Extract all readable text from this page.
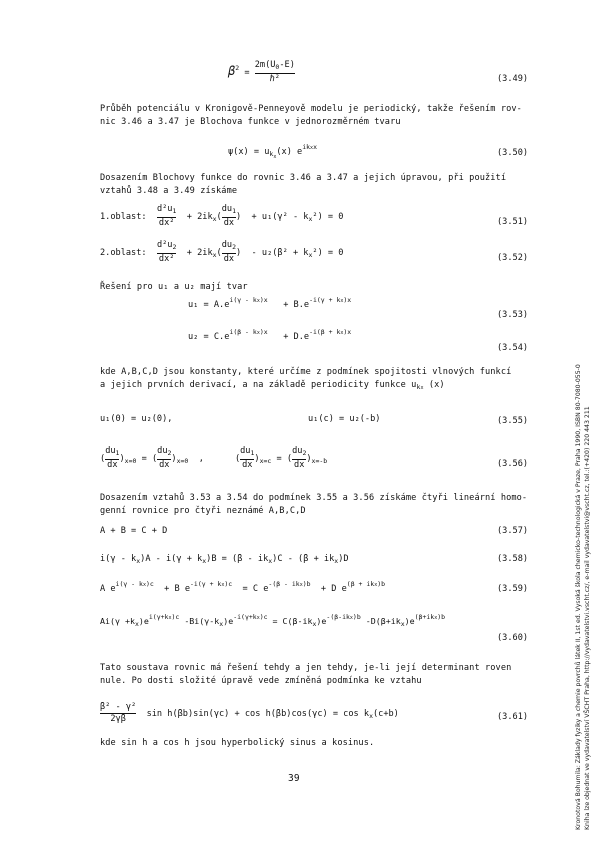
Kronotová Bohumila: Základy fyziky a chemie povrchů látek II, 1st ed. Vysoká škola chemicko-technologická v Praze, Praha 1990, ISBN 80-7080-055-0 Kniha lze objednat ve vydavatelství VŠCHT Praha, http://vydavatelstvi.vscht.cz/, e-mail vydavatelstvi@vscht.cz, tel.:(+420) 220 443 211
$\beta^2 = \frac{2m(U_0-E)}{\text{ℏ²}}$	(3.49)
Průběh potenciálu v Kronigově-Penneyově modelu je periodický, takže řešením rov-
nic 3.46 a 3.47 je Blochova funkce v jednorozměrném tvaru
$\psi(x) = u_{k_x}(x)$ $e^{ikxx}$
(3.50)
Dosazením Blochovy funkce do rovnic 3.46 a 3.47 a jejich úpravou, při použití
vztahů 3.48 a 3.49 získáme
1.oblast: $\frac{d^2u_1}{\text{dx²}} + 2ik_x( \frac{du_1}{dx}$ )  + $u_1(\gamma^2 - k_x^2) = 0$	(3.51)
2.oblast: $\frac{d^2u_2}{\text{dx²}} + 2ik_x( \frac{du_2}{dx}$ )  - $u_2(\beta^2 + k_x^2) = 0$	(3.52)
Řešení pro u₁ a u₂ mají tvar
$u_1 = A.e^{i(\gamma - kx)x} + B.e^{-i(\gamma + kx)x}$
(3.53)
$u_2 = C.e^{i(\beta - kx)x} + D.e^{-i(\beta + kx)x}$
(3.54)
kde A,B,C,D jsou konstanty, které určíme z podmínek spojitosti vlnových funkcí
a jejich prvních derivací, a na základě periodicity funkce $u_{kx}$ (x)
u₁(0) = u₂(0),	u₁(c) = u₂(-b)	(3.55)
( $\frac{du_1}{dx} )_{x=0}$ = ( $\frac{du_2}{dx} )_{x=0}$ ,      ( $\frac{du_1}{dx} )_{x=c}$ = ( $\frac{du_2}{dx} )_{x=-b}$	(3.56)
Dosazením vztahů 3.53 a 3.54 do podmínek 3.55 a 3.56 získáme čtyři lineární homo-
genní rovnice pro čtyři neznámé A,B,C,D
A + B = C + D	(3.57)
$i(\gamma - k_x)A - i(\gamma + k_x)B = (\beta - ik_x)C - (\beta + ik_x)D$	(3.58)
A $e^{i(\gamma - kx)c} + B$ $e^{-i(\gamma + kx)c} = C$ $e^{-(\beta - ikx)b} + D$ $e^{(\beta + ikx)b}$	(3.59)
$Ai(\gamma +k_x)e^{i(\gamma+kx)c}$ $-Bi(\gamma-k_x)e^{-i(\gamma+kx)c} = C(\beta-ik_x)e^{-(\beta-ikx)b}$ $-D(\beta+ik_x)e^{(\beta+ikx)b}$
(3.60)
Tato soustava rovnic má řešení tehdy a jen tehdy, je-li její determinant roven
nule. Po dosti složité úpravě vede zmíněná podmínka ke vztahu
$\frac{\text{β² - γ²}}{2\gamma\beta}$ $\sin h(\beta b)\sin(\gamma c) + \cos h(\beta b)\cos(\gamma c) = \cos k_x(c+b)$	(3.61)
kde sin h a cos h jsou hyperbolický sinus a kosinus.
39
